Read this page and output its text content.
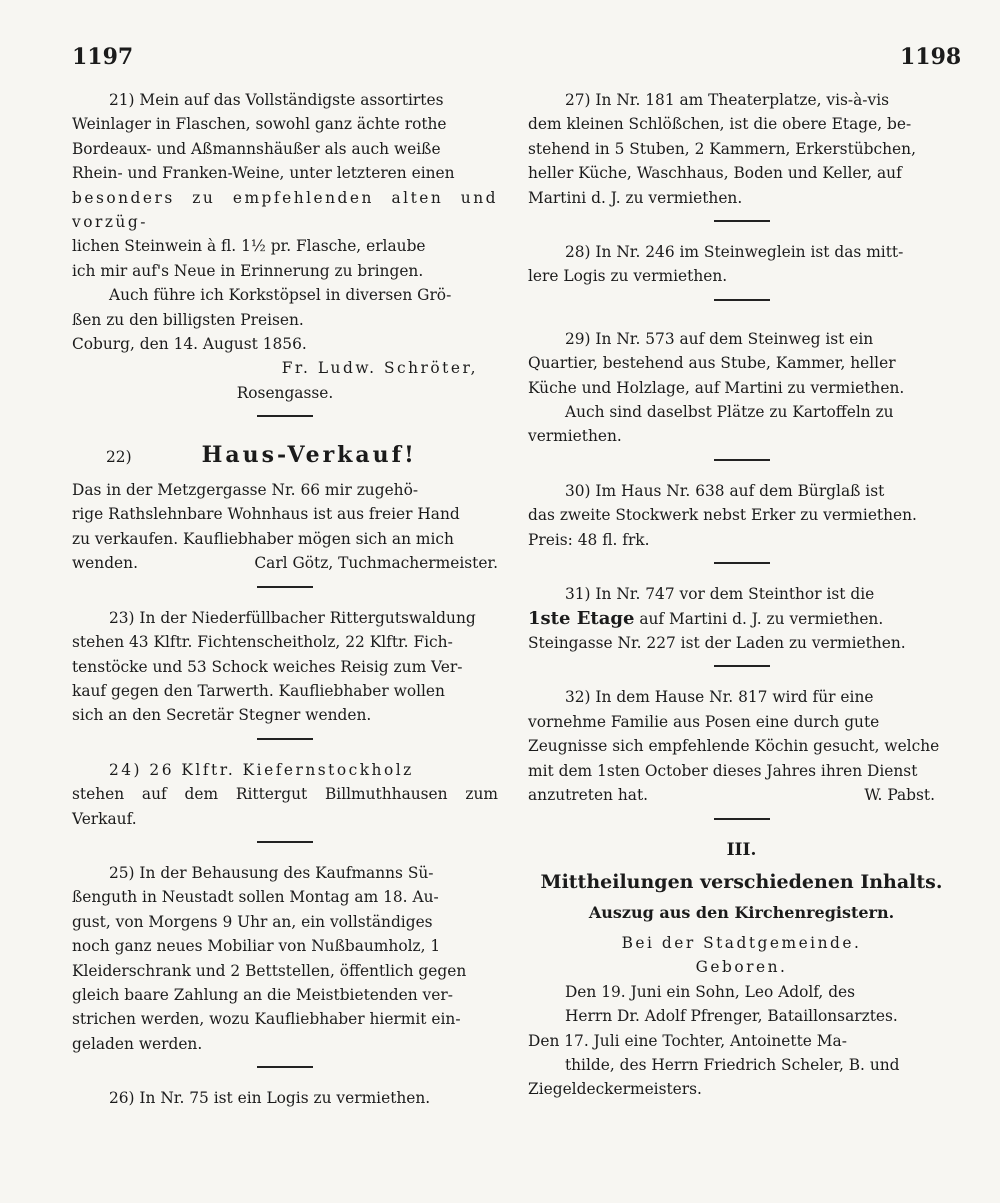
1197	1198
21) Mein auf das Vollständigste assortirtes
Weinlager in Flaschen, sowohl ganz ächte rothe
Bordeaux- und Aßmannshäußer als auch weiße
Rhein- und Franken-Weine, unter letzteren einen
besonders zu empfehlenden alten und vorzüg-
lichen Steinwein à fl. 1½ pr. Flasche, erlaube
ich mir auf's Neue in Erinnerung zu bringen.
Auch führe ich Korkstöpsel in diversen Grö-
ßen zu den billigsten Preisen.
Coburg, den 14. August 1856.
Fr. Ludw. Schröter,
Rosengasse.
22)	Haus-Verkauf!
Das in der Metzgergasse Nr. 66 mir zugehö-
rige Rathslehnbare Wohnhaus ist aus freier Hand
zu verkaufen. Kaufliebhaber mögen sich an mich
wenden.	Carl Götz, Tuchmachermeister.
23) In der Niederfüllbacher Rittergutswaldung
stehen 43 Klftr. Fichtenscheitholz, 22 Klftr. Fich-
tenstöcke und 53 Schock weiches Reisig zum Ver-
kauf gegen den Tarwerth. Kaufliebhaber wollen
sich an den Secretär Stegner wenden.
24) 26 Klftr. Kiefernstockholz
stehen auf dem Rittergut Billmuthhausen zum Verkauf.
25) In der Behausung des Kaufmanns Sü-
ßenguth in Neustadt sollen Montag am 18. Au-
gust, von Morgens 9 Uhr an, ein vollständiges
noch ganz neues Mobiliar von Nußbaumholz, 1
Kleiderschrank und 2 Bettstellen, öffentlich gegen
gleich baare Zahlung an die Meistbietenden ver-
strichen werden, wozu Kaufliebhaber hiermit ein-
geladen werden.
26) In Nr. 75 ist ein Logis zu vermiethen.
27) In Nr. 181 am Theaterplatze, vis-à-vis
dem kleinen Schlößchen, ist die obere Etage, be-
stehend in 5 Stuben, 2 Kammern, Erkerstübchen,
heller Küche, Waschhaus, Boden und Keller, auf
Martini d. J. zu vermiethen.
28) In Nr. 246 im Steinweglein ist das mitt-
lere Logis zu vermiethen.
29) In Nr. 573 auf dem Steinweg ist ein
Quartier, bestehend aus Stube, Kammer, heller
Küche und Holzlage, auf Martini zu vermiethen.
Auch sind daselbst Plätze zu Kartoffeln zu
vermiethen.
30) Im Haus Nr. 638 auf dem Bürglaß ist
das zweite Stockwerk nebst Erker zu vermiethen.
Preis: 48 fl. frk.
31) In Nr. 747 vor dem Steinthor ist die
1ste Etage auf Martini d. J. zu vermiethen.
Steingasse Nr. 227 ist der Laden zu vermiethen.
32) In dem Hause Nr. 817 wird für eine
vornehme Familie aus Posen eine durch gute
Zeugnisse sich empfehlende Köchin gesucht, welche
mit dem 1sten October dieses Jahres ihren Dienst
anzutreten hat.	W. Pabst.
III.
Mittheilungen verschiedenen Inhalts.
Auszug aus den Kirchenregistern.
Bei der Stadtgemeinde.
Geboren.
Den 19. Juni ein Sohn, Leo Adolf, des
Herrn Dr. Adolf Pfrenger, Bataillonsarztes.
Den 17. Juli eine Tochter, Antoinette Ma-
thilde, des Herrn Friedrich Scheler, B. und
Ziegeldeckermeisters.
